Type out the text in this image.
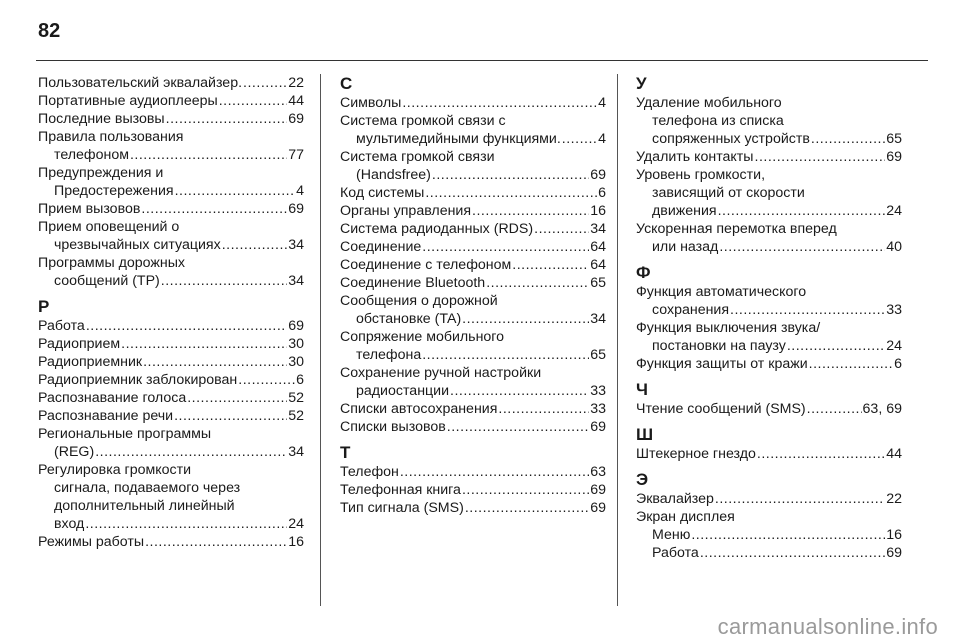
82
Пользовательский эквалайзер. .....	22
Портативные аудиоплееры .....	44
Последние вызовы .....	69
Правила пользования
телефоном .....	77
Предупреждения и
Предостережения .....	4
Прием вызовов .....	69
Прием оповещений о
чрезвычайных ситуациях .....	34
Программы дорожных
сообщений (TP) .....	34
Р
Работа .....	69
Радиоприем .....	30
Радиоприемник .....	30
Радиоприемник заблокирован .....	6
Распознавание голоса .....	52
Распознавание речи .....	52
Региональные программы
(REG) .....	34
Регулировка громкости
сигнала, подаваемого через
дополнительный линейный
вход .....	24
Режимы работы .....	16
С
Символы .....	4
Система громкой связи с
мультимедийными функциями. .....	4
Система громкой связи
(Handsfree) .....	69
Код системы .....	6
Органы управления .....	16
Система радиоданных (RDS) .....	34
Соединение .....	64
Соединение с телефоном .....	64
Соединение Bluetooth .....	65
Сообщения о дорожной
обстановке (TA) .....	34
Сопряжение мобильного
телефона .....	65
Сохранение ручной настройки
радиостанции .....	33
Списки автосохранения .....	33
Списки вызовов .....	69
Т
Телефон .....	63
Телефонная книга .....	69
Тип сигнала (SMS) .....	69
У
Удаление мобильного
телефона из списка
сопряженных устройств .....	65
Удалить контакты .....	69
Уровень громкости,
зависящий от скорости
движения .....	24
Ускоренная перемотка вперед
или назад .....	40
Ф
Функция автоматического
сохранения .....	33
Функция выключения звука/
постановки на паузу .....	24
Функция защиты от кражи .....	6
Ч
Чтение сообщений (SMS) .....	63, 69
Ш
Штекерное гнездо .....	44
Э
Эквалайзер .....	22
Экран дисплея
Меню .....	16
Работа .....	69
carmanualsonline.info
